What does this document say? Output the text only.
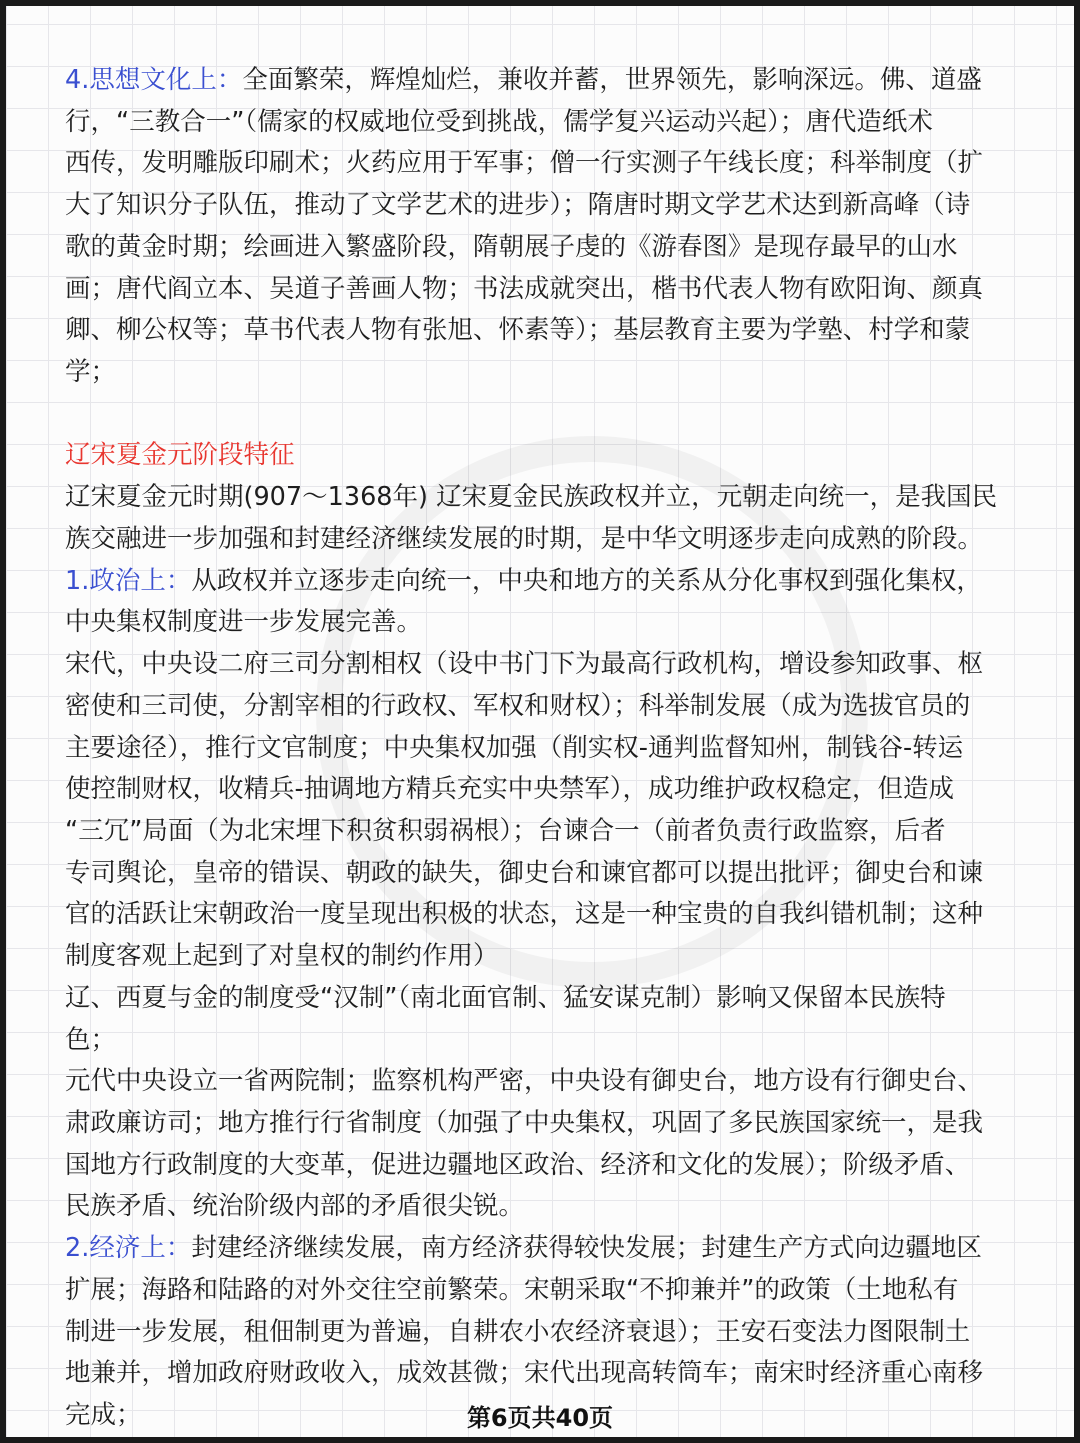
4.思想文化上：全面繁荣，辉煌灿烂，兼收并蓄，世界领先，影响深远。佛、道盛
行，“三教合一”（儒家的权威地位受到挑战，儒学复兴运动兴起）；唐代造纸术
西传，发明雕版印刷术；火药应用于军事；僧一行实测子午线长度；科举制度（扩
大了知识分子队伍，推动了文学艺术的进步）；隋唐时期文学艺术达到新高峰（诗
歌的黄金时期；绘画进入繁盛阶段，隋朝展子虔的《游春图》是现存最早的山水
画；唐代阎立本、吴道子善画人物；书法成就突出，楷书代表人物有欧阳询、颜真
卿、柳公权等；草书代表人物有张旭、怀素等）；基层教育主要为学塾、村学和蒙
学；
辽宋夏金元阶段特征
辽宋夏金元时期(907～1368年) 辽宋夏金民族政权并立，元朝走向统一，是我国民
族交融进一步加强和封建经济继续发展的时期，是中华文明逐步走向成熟的阶段。
1.政治上：从政权并立逐步走向统一，中央和地方的关系从分化事权到强化集权，
中央集权制度进一步发展完善。
宋代，中央设二府三司分割相权（设中书门下为最高行政机构，增设参知政事、枢
密使和三司使，分割宰相的行政权、军权和财权）；科举制发展（成为选拔官员的
主要途径），推行文官制度；中央集权加强（削实权-通判监督知州，制钱谷-转运
使控制财权，收精兵-抽调地方精兵充实中央禁军），成功维护政权稳定，但造成
“三冗”局面（为北宋埋下积贫积弱祸根）；台谏合一（前者负责行政监察，后者
专司舆论，皇帝的错误、朝政的缺失，御史台和谏官都可以提出批评；御史台和谏
官的活跃让宋朝政治一度呈现出积极的状态，这是一种宝贵的自我纠错机制；这种
制度客观上起到了对皇权的制约作用）
辽、西夏与金的制度受“汉制”（南北面官制、猛安谋克制）影响又保留本民族特
色；
元代中央设立一省两院制；监察机构严密，中央设有御史台，地方设有行御史台、
肃政廉访司；地方推行行省制度（加强了中央集权，巩固了多民族国家统一，是我
国地方行政制度的大变革，促进边疆地区政治、经济和文化的发展）；阶级矛盾、
民族矛盾、统治阶级内部的矛盾很尖锐。
2.经济上：封建经济继续发展，南方经济获得较快发展；封建生产方式向边疆地区
扩展；海路和陆路的对外交往空前繁荣。宋朝采取“不抑兼并”的政策（土地私有
制进一步发展，租佃制更为普遍，自耕农小农经济衰退）；王安石变法力图限制土
地兼并，增加政府财政收入，成效甚微；宋代出现高转筒车；南宋时经济重心南移
完成；	第6页共40页
